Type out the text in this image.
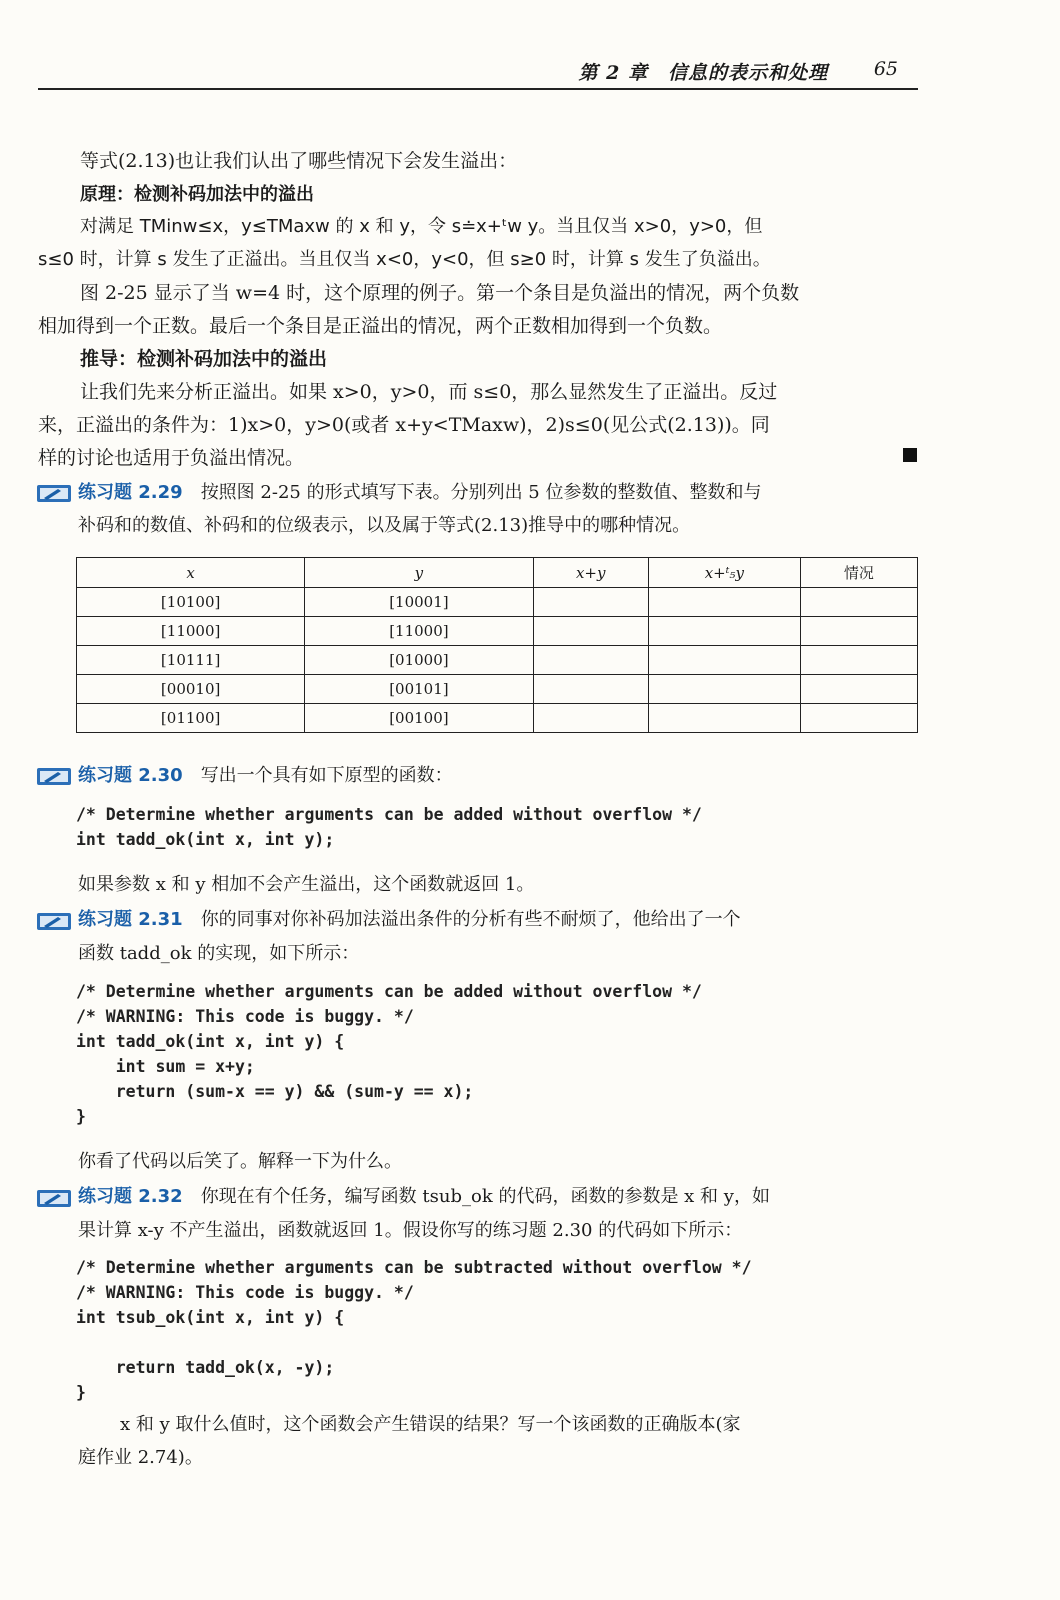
第 2 章　信息的表示和处理 65

等式(2.13)也让我们认出了哪些情况下会发生溢出：

原理：检测补码加法中的溢出

对满足 TMinw≤x，y≤TMaxw 的 x 和 y，令 s≐x+ᵗw y。当且仅当 x>0，y>0，但

s≤0 时，计算 s 发生了正溢出。当且仅当 x<0，y<0，但 s≥0 时，计算 s 发生了负溢出。

图 2-25 显示了当 w=4 时，这个原理的例子。第一个条目是负溢出的情况，两个负数

相加得到一个正数。最后一个条目是正溢出的情况，两个正数相加得到一个负数。

推导：检测补码加法中的溢出

让我们先来分析正溢出。如果 x>0，y>0，而 s≤0，那么显然发生了正溢出。反过

来，正溢出的条件为：1)x>0，y>0(或者 x+y<TMaxw)，2)s≤0(见公式(2.13))。同

样的讨论也适用于负溢出情况。

练习题 2.29　 按照图 2-25 的形式填写下表。分别列出 5 位参数的整数值、整数和与

补码和的数值、补码和的位级表示，以及属于等式(2.13)推导中的哪种情况。

x	y	x+y	x+ᵗ₅y	情况
[10100]	[10001]			
[11000]	[11000]			
[10111]	[01000]			
[00010]	[00101]			
[01100]	[00100]			

练习题 2.30　 写出一个具有如下原型的函数：

/* Determine whether arguments can be added without overflow */
int tadd_ok(int x, int y);

如果参数 x 和 y 相加不会产生溢出，这个函数就返回 1。

练习题 2.31　 你的同事对你补码加法溢出条件的分析有些不耐烦了，他给出了一个

函数 tadd_ok 的实现，如下所示：

/* Determine whether arguments can be added without overflow */
/* WARNING: This code is buggy. */
int tadd_ok(int x, int y) {
int sum = x+y;
return (sum-x == y) && (sum-y == x);
}

你看了代码以后笑了。解释一下为什么。

练习题 2.32　 你现在有个任务，编写函数 tsub_ok 的代码，函数的参数是 x 和 y，如

果计算 x-y 不产生溢出，函数就返回 1。假设你写的练习题 2.30 的代码如下所示：

/* Determine whether arguments can be subtracted without overflow */
/* WARNING: This code is buggy. */
int tsub_ok(int x, int y) {

return tadd_ok(x, -y);
}

x 和 y 取什么值时，这个函数会产生错误的结果？写一个该函数的正确版本(家

庭作业 2.74)。
